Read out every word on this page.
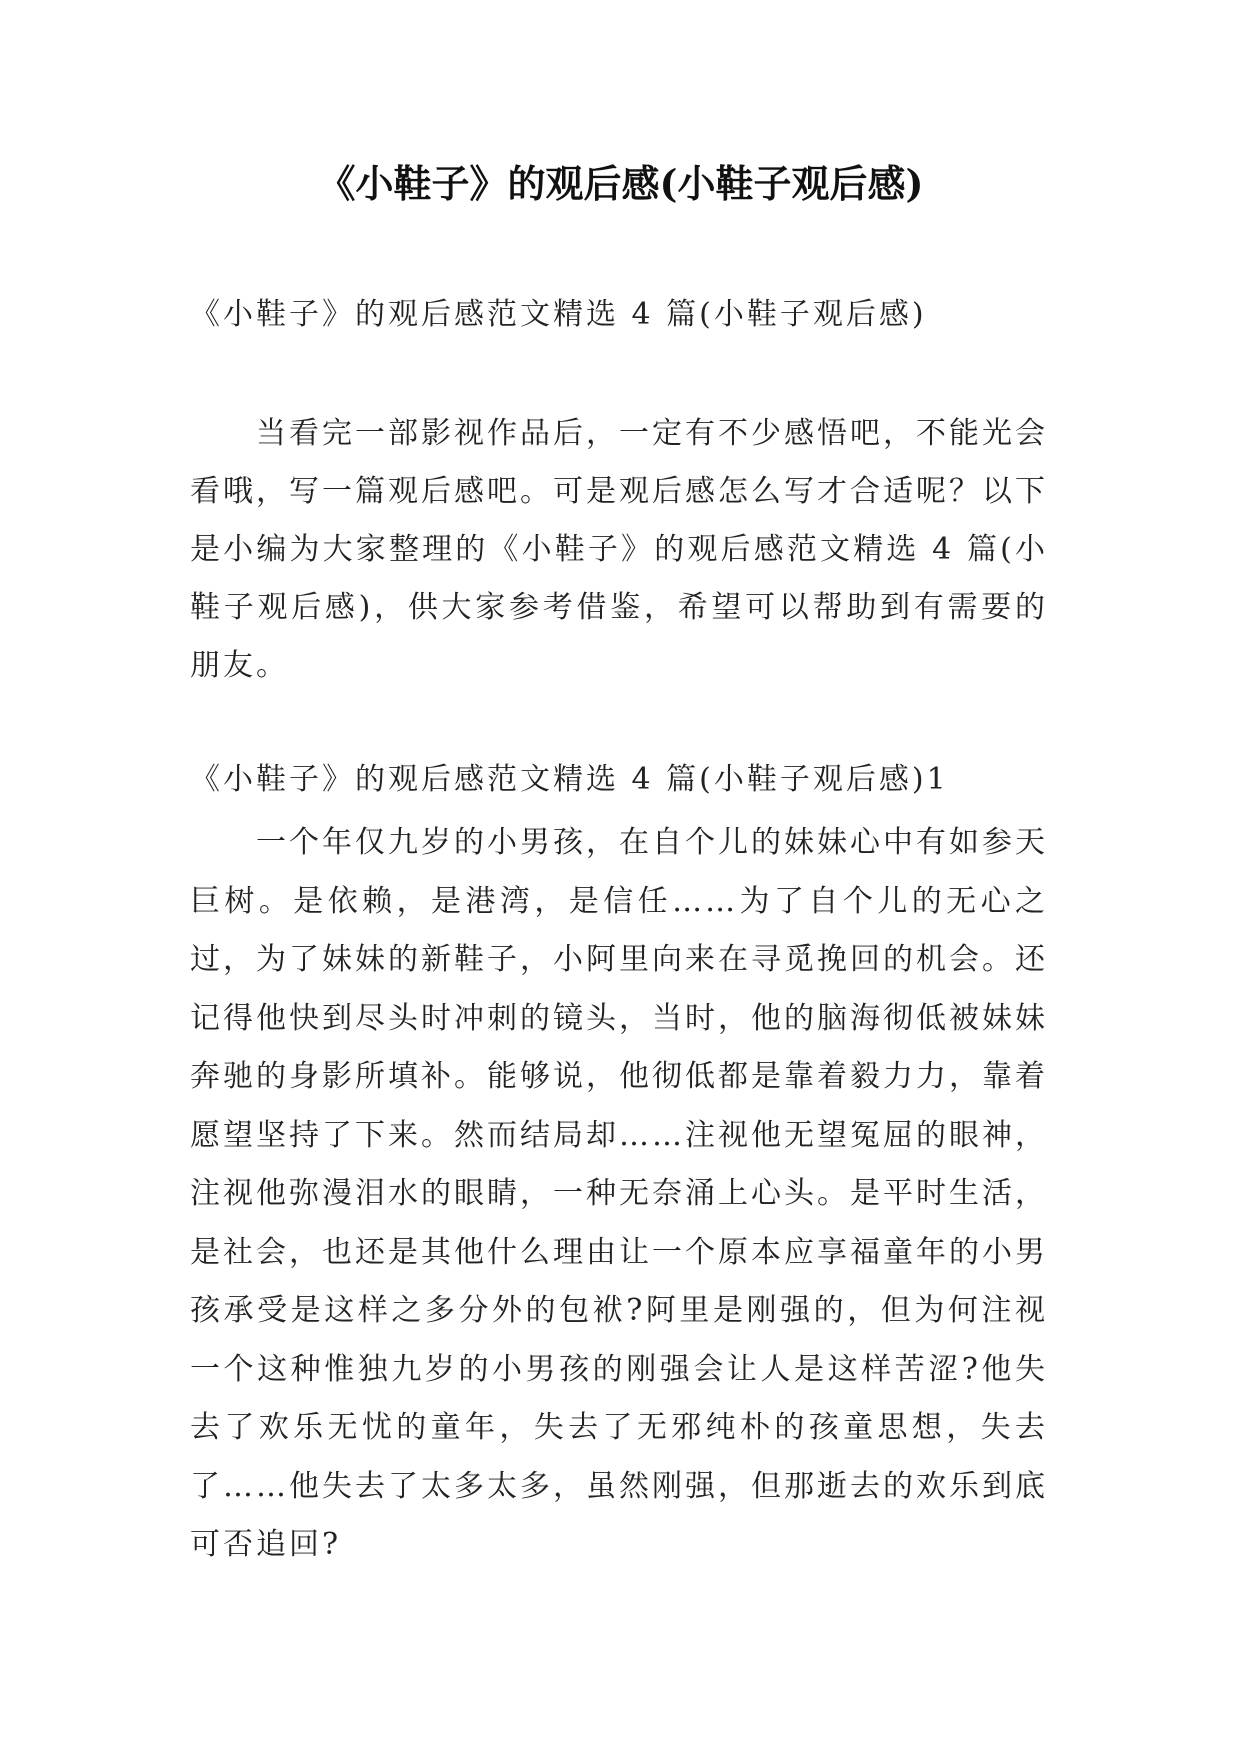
《小鞋子》的观后感(小鞋子观后感)

《小鞋子》的观后感范文精选 4 篇(小鞋子观后感)

当看完一部影视作品后，一定有不少感悟吧，不能光会看哦，写一篇观后感吧。可是观后感怎么写才合适呢？以下是小编为大家整理的《小鞋子》的观后感范文精选 4 篇(小鞋子观后感)，供大家参考借鉴，希望可以帮助到有需要的朋友。

《小鞋子》的观后感范文精选 4 篇(小鞋子观后感)1

一个年仅九岁的小男孩，在自个儿的妹妹心中有如参天巨树。是依赖，是港湾，是信任……为了自个儿的无心之过，为了妹妹的新鞋子，小阿里向来在寻觅挽回的机会。还记得他快到尽头时冲刺的镜头，当时，他的脑海彻低被妹妹奔驰的身影所填补。能够说，他彻低都是靠着毅力力，靠着愿望坚持了下来。然而结局却……注视他无望冤屈的眼神，注视他弥漫泪水的眼睛，一种无奈涌上心头。是平时生活，是社会，也还是其他什么理由让一个原本应享福童年的小男孩承受是这样之多分外的包袱?阿里是刚强的，但为何注视一个这种惟独九岁的小男孩的刚强会让人是这样苦涩?他失去了欢乐无忧的童年，失去了无邪纯朴的孩童思想，失去了……他失去了太多太多，虽然刚强，但那逝去的欢乐到底可否追回?
